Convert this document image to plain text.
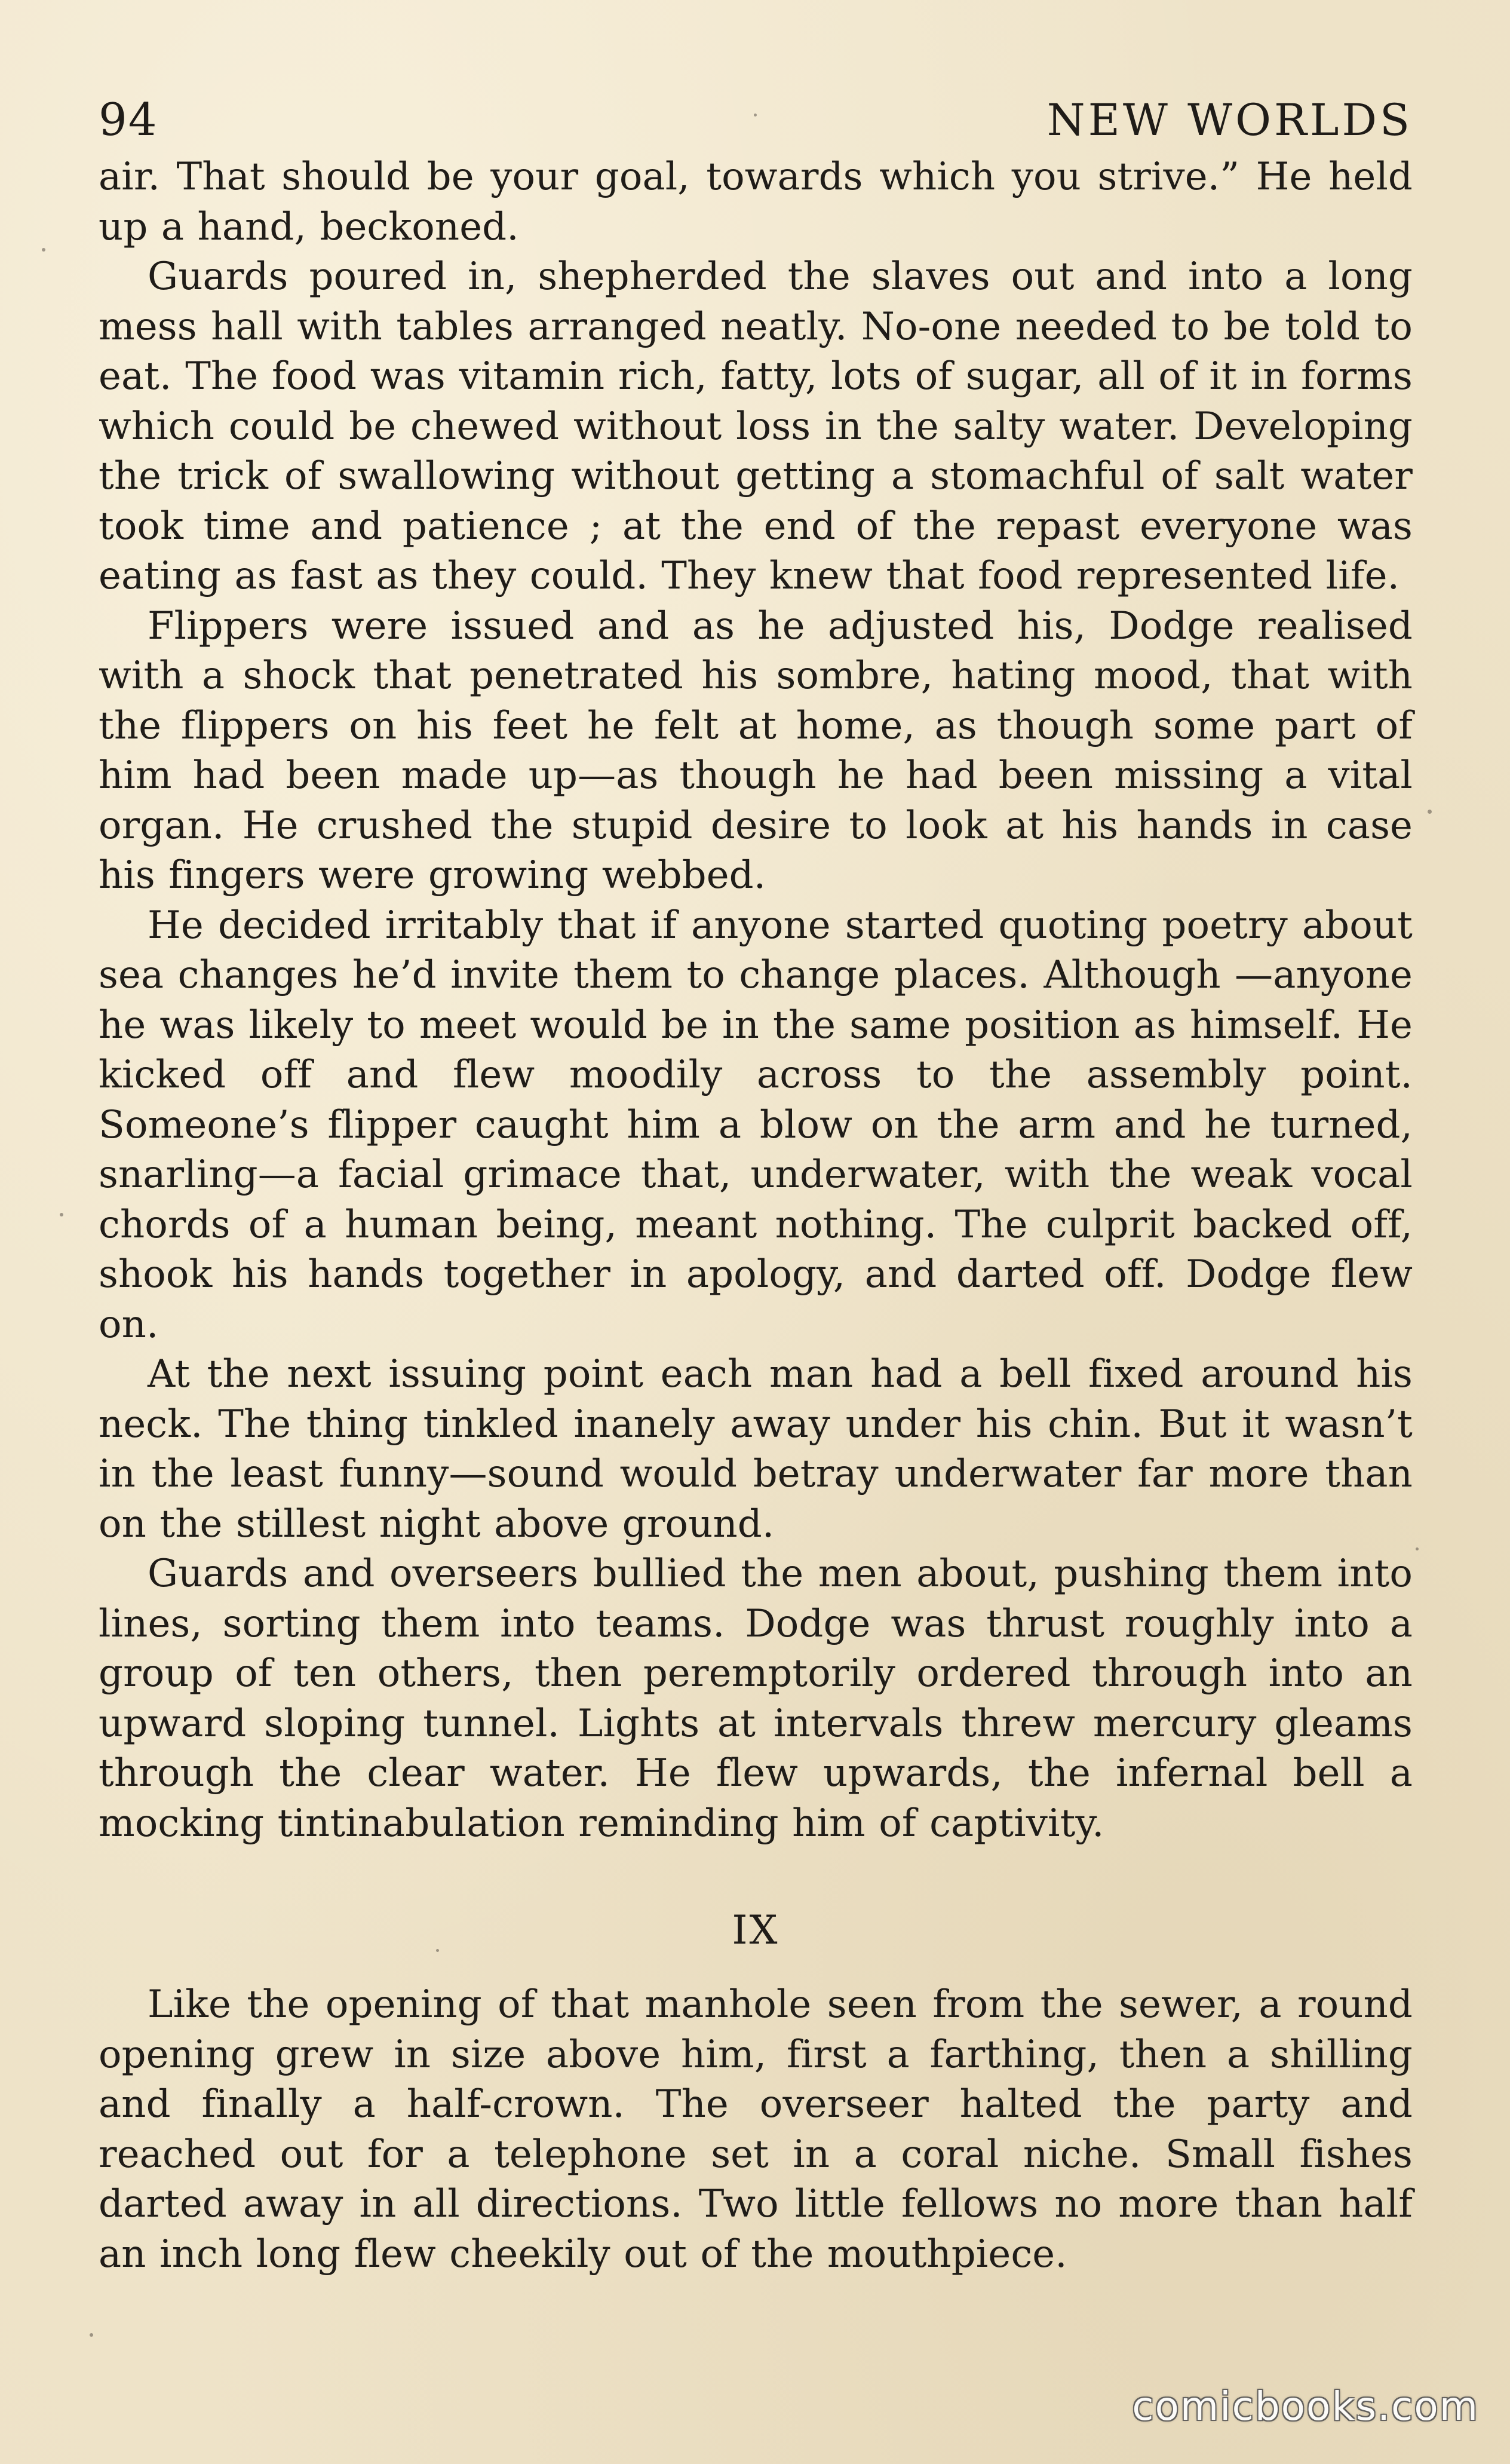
94	NEW WORLDS

air. That should be your goal, towards which you strive.” He held up a hand, beckoned.

Guards poured in, shepherded the slaves out and into a long mess hall with tables arranged neatly. No-one needed to be told to eat. The food was vitamin rich, fatty, lots of sugar, all of it in forms which could be chewed without loss in the salty water. Developing the trick of swallowing without getting a stomachful of salt water took time and patience ; at the end of the repast everyone was eating as fast as they could. They knew that food represented life.

Flippers were issued and as he adjusted his, Dodge realised with a shock that penetrated his sombre, hating mood, that with the flippers on his feet he felt at home, as though some part of him had been made up—as though he had been missing a vital organ. He crushed the stupid desire to look at his hands in case his fingers were growing webbed.

He decided irritably that if anyone started quoting poetry about sea changes he’d invite them to change places. Although —anyone he was likely to meet would be in the same position as himself. He kicked off and flew moodily across to the assembly point. Someone’s flipper caught him a blow on the arm and he turned, snarling—a facial grimace that, underwater, with the weak vocal chords of a human being, meant nothing. The culprit backed off, shook his hands together in apology, and darted off. Dodge flew on.

At the next issuing point each man had a bell fixed around his neck. The thing tinkled inanely away under his chin. But it wasn’t in the least funny—sound would betray underwater far more than on the stillest night above ground.

Guards and overseers bullied the men about, pushing them into lines, sorting them into teams. Dodge was thrust roughly into a group of ten others, then peremptorily ordered through into an upward sloping tunnel. Lights at intervals threw mercury gleams through the clear water. He flew upwards, the infernal bell a mocking tintinabulation reminding him of captivity.

IX

Like the opening of that manhole seen from the sewer, a round opening grew in size above him, first a farthing, then a shilling and finally a half-crown. The overseer halted the party and reached out for a telephone set in a coral niche. Small fishes darted away in all directions. Two little fellows no more than half an inch long flew cheekily out of the mouthpiece.

comicbooks.com
